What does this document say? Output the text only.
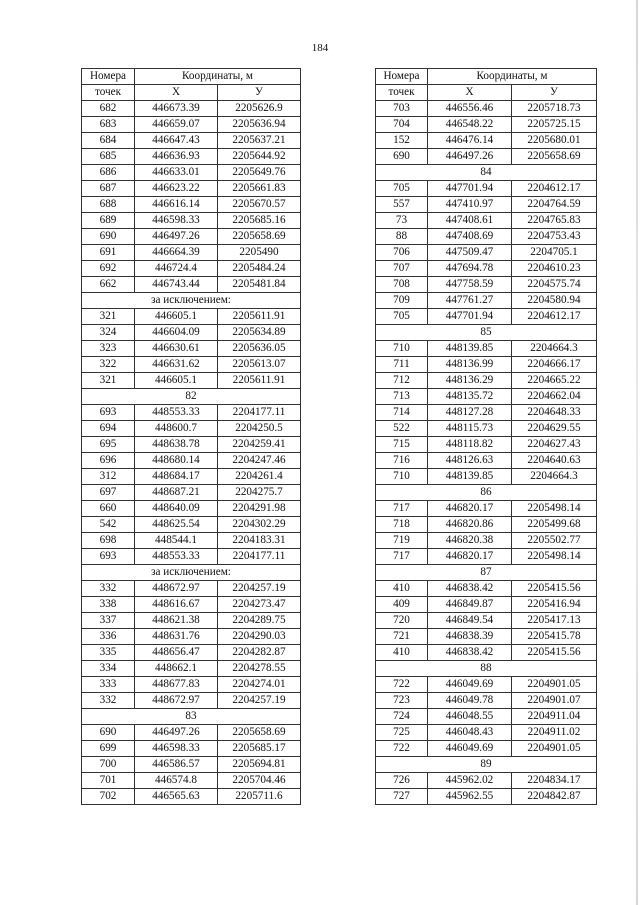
184
Номера	Координаты, м	
точек	X	У
682	446673.39	2205626.9
683	446659.07	2205636.94
684	446647.43	2205637.21
685	446636.93	2205644.92
686	446633.01	2205649.76
687	446623.22	2205661.83
688	446616.14	2205670.57
689	446598.33	2205685.16
690	446497.26	2205658.69
691	446664.39	2205490
692	446724.4	2205484.24
662	446743.44	2205481.84
за исключением:		
321	446605.1	2205611.91
324	446604.09	2205634.89
323	446630.61	2205636.05
322	446631.62	2205613.07
321	446605.1	2205611.91
82		
693	448553.33	2204177.11
694	448600.7	2204250.5
695	448638.78	2204259.41
696	448680.14	2204247.46
312	448684.17	2204261.4
697	448687.21	2204275.7
660	448640.09	2204291.98
542	448625.54	2204302.29
698	448544.1	2204183.31
693	448553.33	2204177.11
за исключением:		
332	448672.97	2204257.19
338	448616.67	2204273.47
337	448621.38	2204289.75
336	448631.76	2204290.03
335	448656.47	2204282.87
334	448662.1	2204278.55
333	448677.83	2204274.01
332	448672.97	2204257.19
83		
690	446497.26	2205658.69
699	446598.33	2205685.17
700	446586.57	2205694.81
701	446574.8	2205704.46
702	446565.63	2205711.6
Номера	Координаты, м	
точек	X	У
703	446556.46	2205718.73
704	446548.22	2205725.15
152	446476.14	2205680.01
690	446497.26	2205658.69
84		
705	447701.94	2204612.17
557	447410.97	2204764.59
73	447408.61	2204765.83
88	447408.69	2204753.43
706	447509.47	2204705.1
707	447694.78	2204610.23
708	447758.59	2204575.74
709	447761.27	2204580.94
705	447701.94	2204612.17
85		
710	448139.85	2204664.3
711	448136.99	2204666.17
712	448136.29	2204665.22
713	448135.72	2204662.04
714	448127.28	2204648.33
522	448115.73	2204629.55
715	448118.82	2204627.43
716	448126.63	2204640.63
710	448139.85	2204664.3
86		
717	446820.17	2205498.14
718	446820.86	2205499.68
719	446820.38	2205502.77
717	446820.17	2205498.14
87		
410	446838.42	2205415.56
409	446849.87	2205416.94
720	446849.54	2205417.13
721	446838.39	2205415.78
410	446838.42	2205415.56
88		
722	446049.69	2204901.05
723	446049.78	2204901.07
724	446048.55	2204911.04
725	446048.43	2204911.02
722	446049.69	2204901.05
89		
726	445962.02	2204834.17
727	445962.55	2204842.87
